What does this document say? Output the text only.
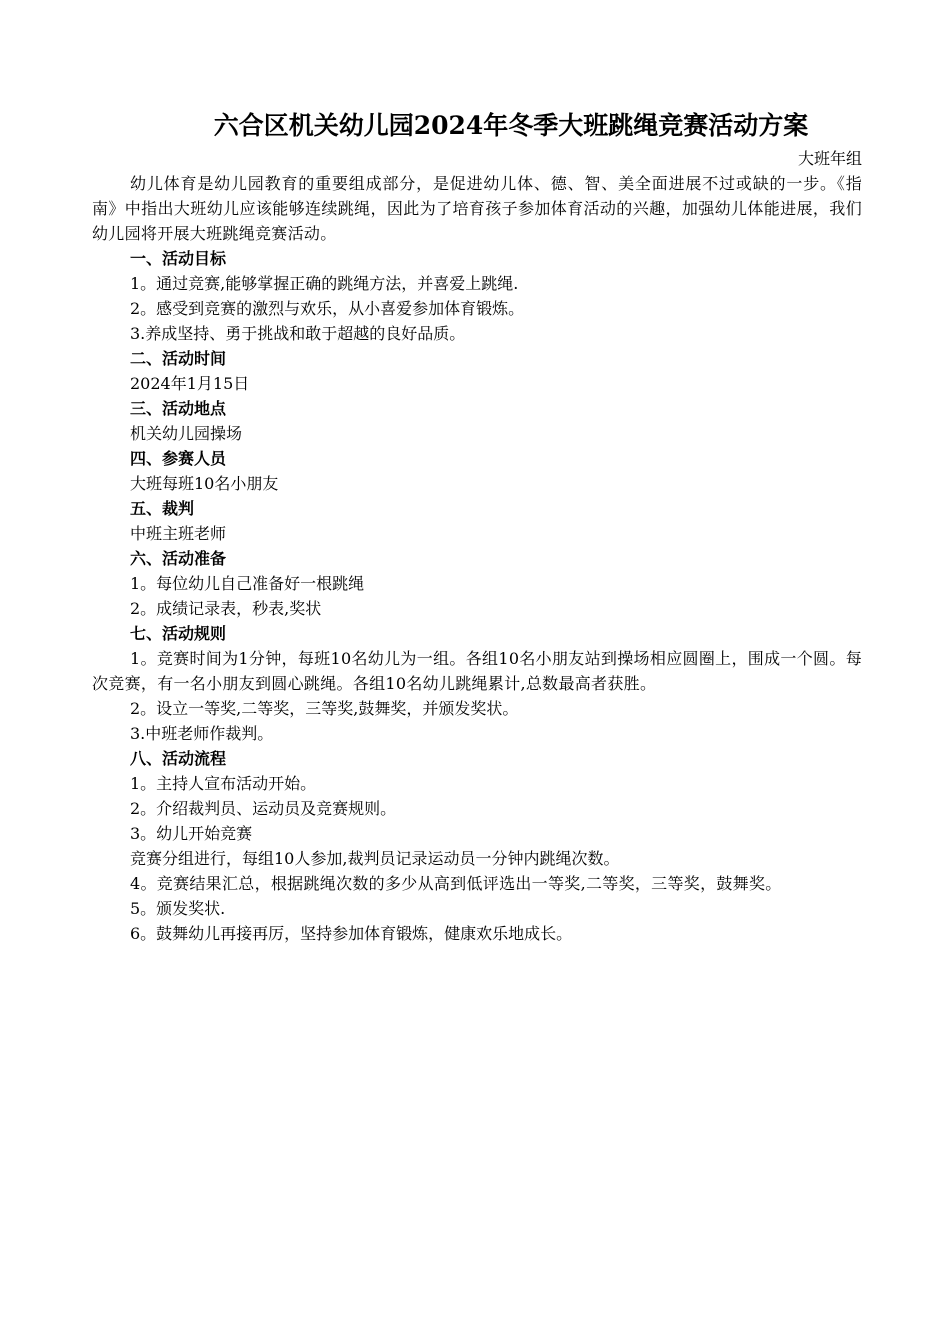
六合区机关幼儿园2024年冬季大班跳绳竞赛活动方案

大班年组

幼儿体育是幼儿园教育的重要组成部分，是促进幼儿体、德、智、美全面进展不过或缺的一步。《指南》中指出大班幼儿应该能够连续跳绳，因此为了培育孩子参加体育活动的兴趣，加强幼儿体能进展，我们幼儿园将开展大班跳绳竞赛活动。

一、活动目标

1。通过竞赛,能够掌握正确的跳绳方法，并喜爱上跳绳.

2。感受到竞赛的激烈与欢乐，从小喜爱参加体育锻炼。

3.养成坚持、勇于挑战和敢于超越的良好品质。

二、活动时间

2024年1月15日

三、活动地点

机关幼儿园操场

四、参赛人员

大班每班10名小朋友

五、裁判

中班主班老师

六、活动准备

1。每位幼儿自己准备好一根跳绳

2。成绩记录表，秒表,奖状

七、活动规则

1。竞赛时间为1分钟，每班10名幼儿为一组。各组10名小朋友站到操场相应圆圈上，围成一个圆。每次竞赛，有一名小朋友到圆心跳绳。各组10名幼儿跳绳累计,总数最高者获胜。

2。设立一等奖,二等奖，三等奖,鼓舞奖，并颁发奖状。

3.中班老师作裁判。

八、活动流程

1。主持人宣布活动开始。

2。介绍裁判员、运动员及竞赛规则。

3。幼儿开始竞赛

竞赛分组进行，每组10人参加,裁判员记录运动员一分钟内跳绳次数。

4。竞赛结果汇总，根据跳绳次数的多少从高到低评选出一等奖,二等奖，三等奖，鼓舞奖。

5。颁发奖状.

6。鼓舞幼儿再接再厉，坚持参加体育锻炼，健康欢乐地成长。
